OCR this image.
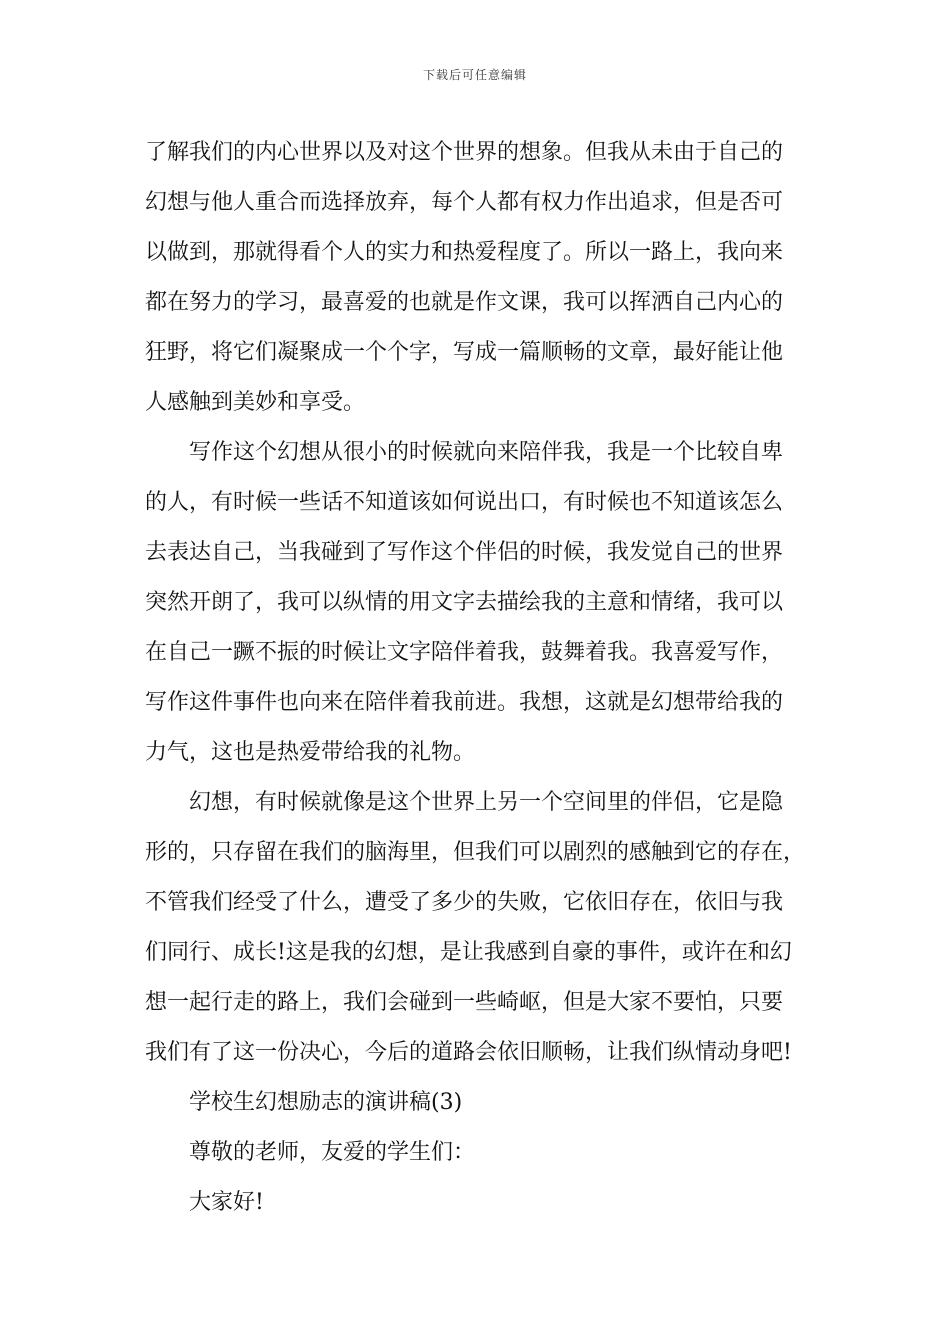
下载后可任意编辑
了解我们的内心世界以及对这个世界的想象。但我从未由于自己的
幻想与他人重合而选择放弃，每个人都有权力作出追求，但是否可
以做到，那就得看个人的实力和热爱程度了。所以一路上，我向来
都在努力的学习，最喜爱的也就是作文课，我可以挥洒自己内心的
狂野，将它们凝聚成一个个字，写成一篇顺畅的文章，最好能让他
人感触到美妙和享受。
写作这个幻想从很小的时候就向来陪伴我，我是一个比较自卑
的人，有时候一些话不知道该如何说出口，有时候也不知道该怎么
去表达自己，当我碰到了写作这个伴侣的时候，我发觉自己的世界
突然开朗了，我可以纵情的用文字去描绘我的主意和情绪，我可以
在自己一蹶不振的时候让文字陪伴着我，鼓舞着我。我喜爱写作，
写作这件事件也向来在陪伴着我前进。我想，这就是幻想带给我的
力气，这也是热爱带给我的礼物。
幻想，有时候就像是这个世界上另一个空间里的伴侣，它是隐
形的，只存留在我们的脑海里，但我们可以剧烈的感触到它的存在，
不管我们经受了什么，遭受了多少的失败，它依旧存在，依旧与我
们同行、成长!这是我的幻想，是让我感到自豪的事件，或许在和幻
想一起行走的路上，我们会碰到一些崎岖，但是大家不要怕，只要
我们有了这一份决心，今后的道路会依旧顺畅，让我们纵情动身吧!
学校生幻想励志的演讲稿(3)
尊敬的老师，友爱的学生们：
大家好!
